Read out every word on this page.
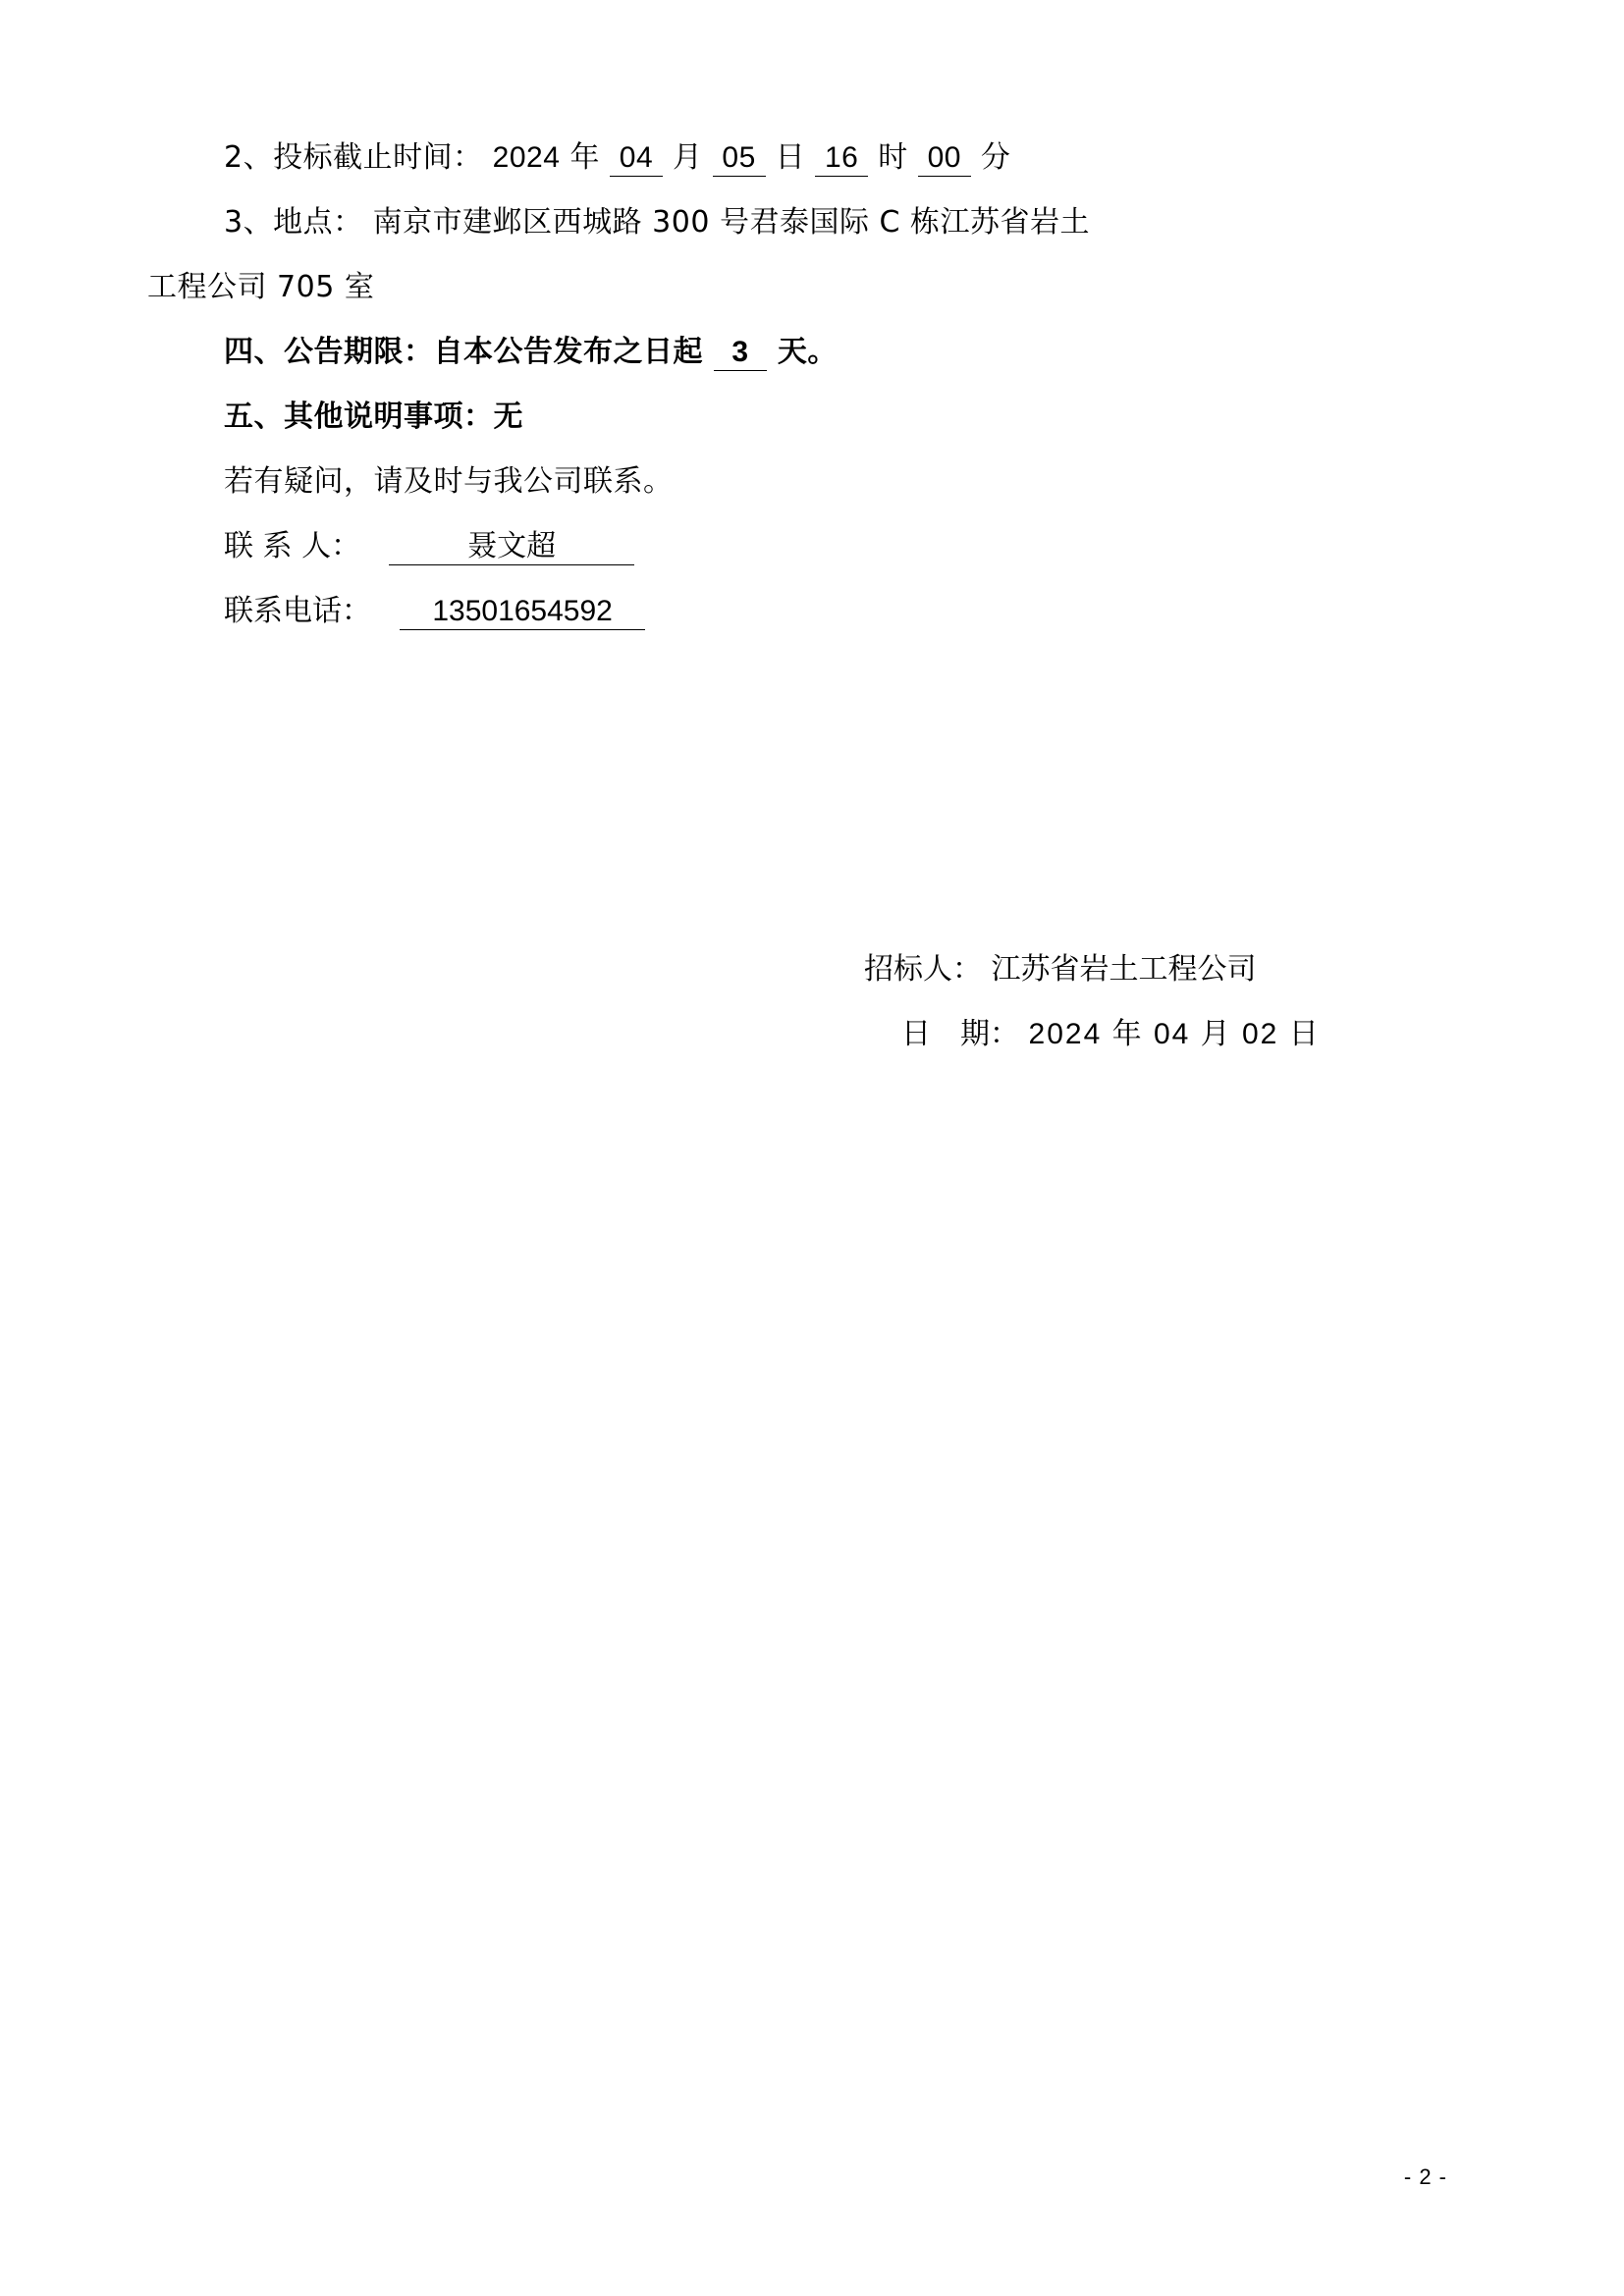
2、投标截止时间： 2024 年 04 月 05 日 16 时 00 分
3、地点： 南京市建邺区西城路 300 号君泰国际 C 栋江苏省岩土
工程公司 705 室
四、公告期限：自本公告发布之日起 3 天。
五、其他说明事项：无
若有疑问，请及时与我公司联系。
联 系 人：	聂文超
联系电话： 13501654592
招标人： 江苏省岩土工程公司
日　期： 2024 年 04 月 02 日
- 2 -
